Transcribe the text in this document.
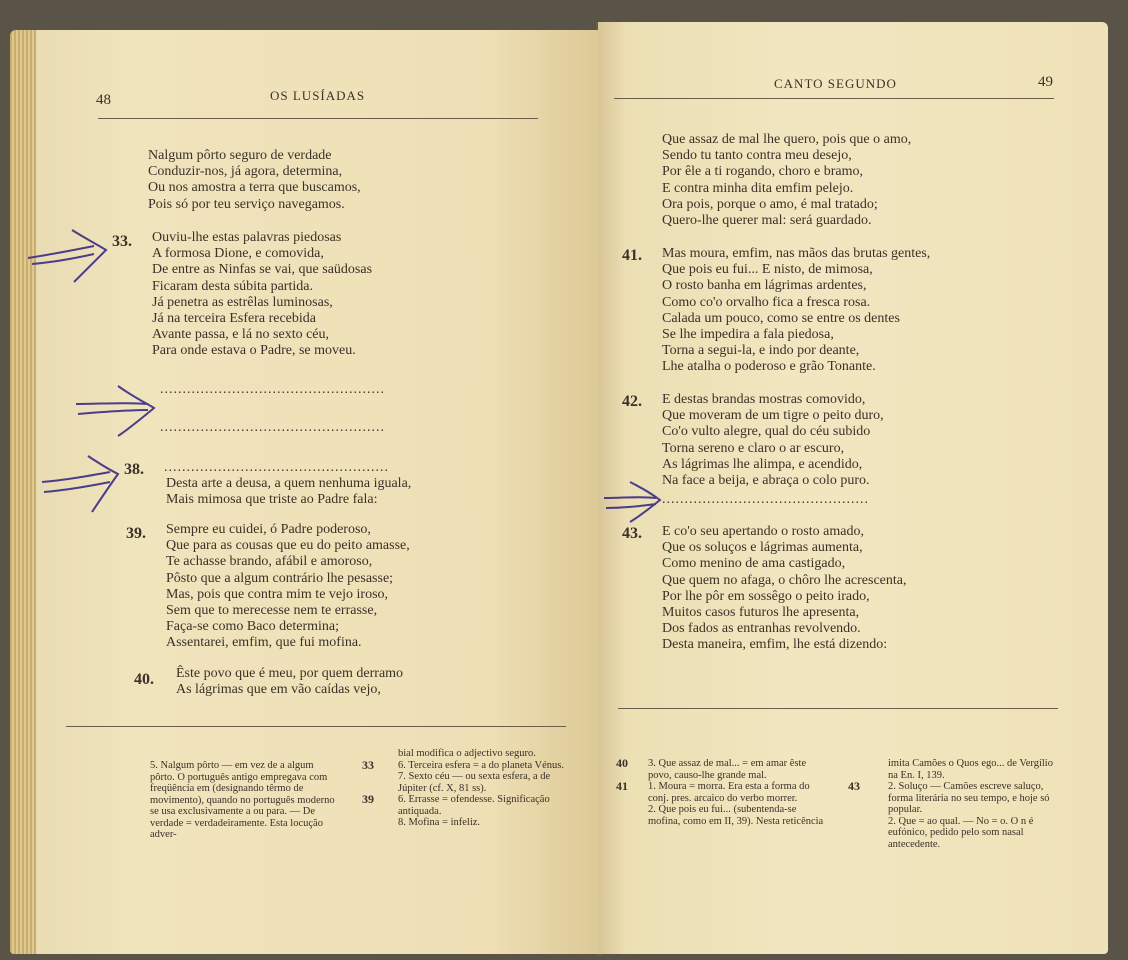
48	OS LUSÍADAS
Nalgum pôrto seguro de verdade
Conduzir-nos, já agora, determina,
Ou nos amostra a terra que buscamos,
Pois só por teu serviço navegamos.
33. Ouviu-lhe estas palavras piedosas
A formosa Dione, e comovida,
De entre as Ninfas se vai, que saüdosas
Ficaram desta súbita partida.
Já penetra as estrêlas luminosas,
Já na terceira Esfera recebida
Avante passa, e lá no sexto céu,
Para onde estava o Padre, se moveu.
..................................................
..................................................
..................................................
38.
Desta arte a deusa, a quem nenhuma iguala,
Mais mimosa que triste ao Padre fala:
39. Sempre eu cuidei, ó Padre poderoso,
Que para as cousas que eu do peito amasse,
Te achasse brando, afábil e amoroso,
Pôsto que a algum contrário lhe pesasse;
Mas, pois que contra mim te vejo iroso,
Sem que to merecesse nem te errasse,
Faça-se como Baco determina;
Assentarei, emfim, que fui mofina.
40. Êste povo que é meu, por quem derramo
As lágrimas que em vão caídas vejo,
5. Nalgum pôrto — em vez de a algum pôrto. O português antigo empregava com freqüência em (designando têrmo de movimento), quando no português moderno se usa exclusivamente a ou para. — De verdade = verdadeiramente. Esta locução adver-
bial modifica o adjectivo seguro.
33 6. Terceira esfera = a do planeta Vénus.
7. Sexto céu — ou sexta esfera, a de Júpiter (cf. X, 81 ss).
39 6. Errasse = ofendesse. Significação antiquada.
8. Mofina = infeliz.
CANTO SEGUNDO	49
Que assaz de mal lhe quero, pois que o amo,
Sendo tu tanto contra meu desejo,
Por êle a ti rogando, choro e bramo,
E contra minha dita emfim pelejo.
Ora pois, porque o amo, é mal tratado;
Quero-lhe querer mal: será guardado.
41. Mas moura, emfim, nas mãos das brutas gentes,
Que pois eu fui... E nisto, de mimosa,
O rosto banha em lágrimas ardentes,
Como co'o orvalho fica a fresca rosa.
Calada um pouco, como se entre os dentes
Se lhe impedira a fala piedosa,
Torna a segui-la, e indo por deante,
Lhe atalha o poderoso e grão Tonante.
42. E destas brandas mostras comovido,
Que moveram de um tigre o peito duro,
Co'o vulto alegre, qual do céu subido
Torna sereno e claro o ar escuro,
As lágrimas lhe alimpa, e acendido,
Na face a beija, e abraça o colo puro.
..............................................
43. E co'o seu apertando o rosto amado,
Que os soluços e lágrimas aumenta,
Como menino de ama castigado,
Que quem no afaga, o chôro lhe acrescenta,
Por lhe pôr em sossêgo o peito irado,
Muitos casos futuros lhe apresenta,
Dos fados as entranhas revolvendo.
Desta maneira, emfim, lhe está dizendo:
40 3. Que assaz de mal... = em amar êste povo, causo-lhe grande mal.
41 1. Moura = morra. Era esta a forma do conj. pres. arcaico do verbo morrer.
2. Que pois eu fui... (subentenda-se mofina, como em II, 39). Nesta reticência
imita Camões o Quos ego... de Vergílio na En. I, 139.
43	2. Soluço — Camões escreve saluço, forma literária no seu tempo, e hoje só popular.
2. Que = ao qual. — No = o. O n é eufónico, pedido pelo som nasal antecedente.
